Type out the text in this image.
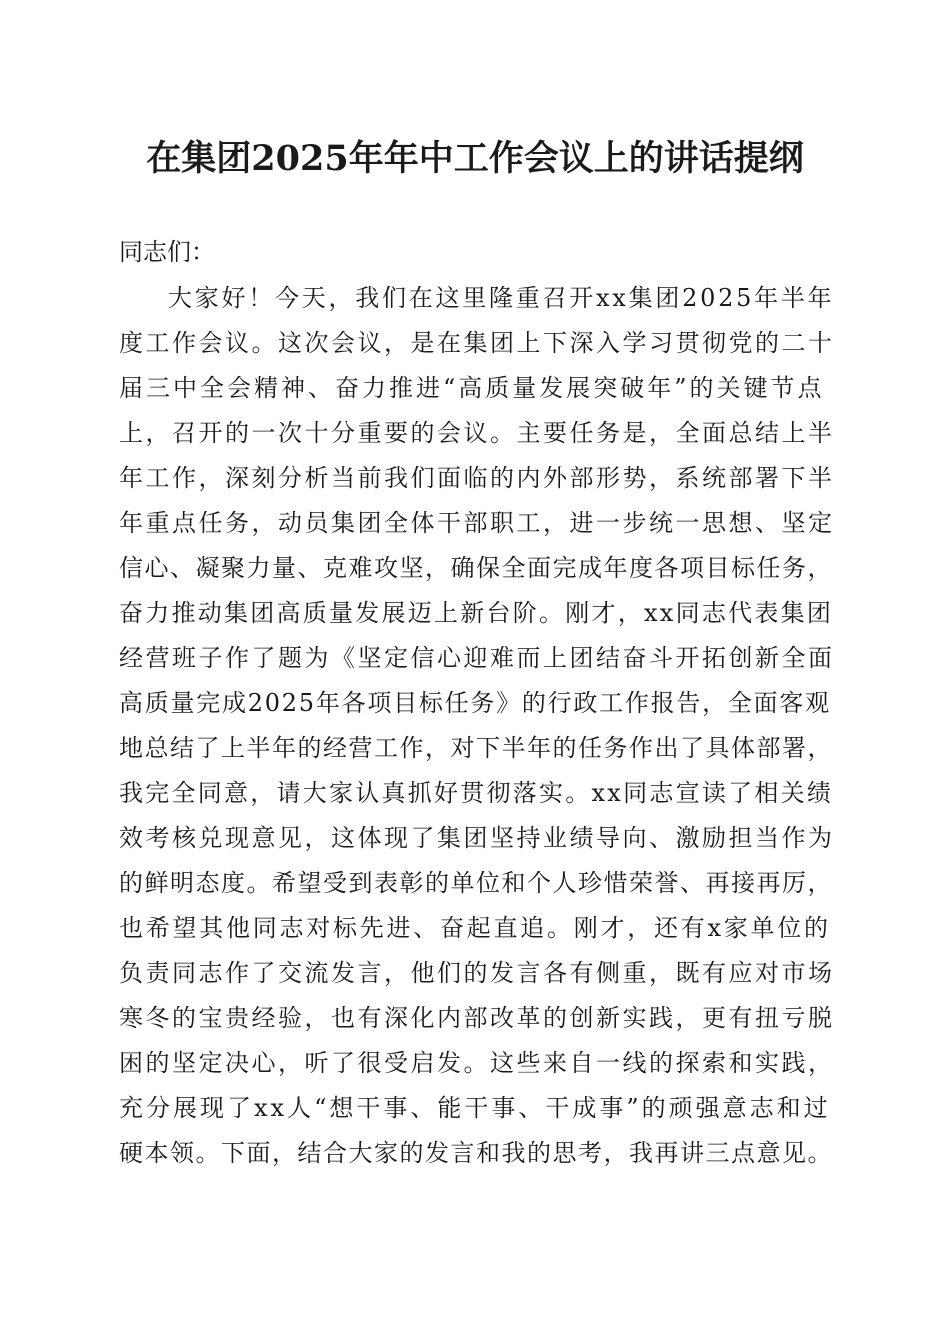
在集团2025年年中工作会议上的讲话提纲

同志们：

大家好！今天，我们在这里隆重召开xx集团2025年半年
度工作会议。这次会议，是在集团上下深入学习贯彻党的二十
届三中全会精神、奋力推进“高质量发展突破年”的关键节点
上，召开的一次十分重要的会议。主要任务是，全面总结上半
年工作，深刻分析当前我们面临的内外部形势，系统部署下半
年重点任务，动员集团全体干部职工，进一步统一思想、坚定
信心、凝聚力量、克难攻坚，确保全面完成年度各项目标任务，
奋力推动集团高质量发展迈上新台阶。刚才，xx同志代表集团
经营班子作了题为《坚定信心迎难而上团结奋斗开拓创新全面
高质量完成2025年各项目标任务》的行政工作报告，全面客观
地总结了上半年的经营工作，对下半年的任务作出了具体部署，
我完全同意，请大家认真抓好贯彻落实。xx同志宣读了相关绩
效考核兑现意见，这体现了集团坚持业绩导向、激励担当作为
的鲜明态度。希望受到表彰的单位和个人珍惜荣誉、再接再厉，
也希望其他同志对标先进、奋起直追。刚才，还有x家单位的
负责同志作了交流发言，他们的发言各有侧重，既有应对市场
寒冬的宝贵经验，也有深化内部改革的创新实践，更有扭亏脱
困的坚定决心，听了很受启发。这些来自一线的探索和实践，
充分展现了xx人“想干事、能干事、干成事”的顽强意志和过
硬本领。下面，结合大家的发言和我的思考，我再讲三点意见。
